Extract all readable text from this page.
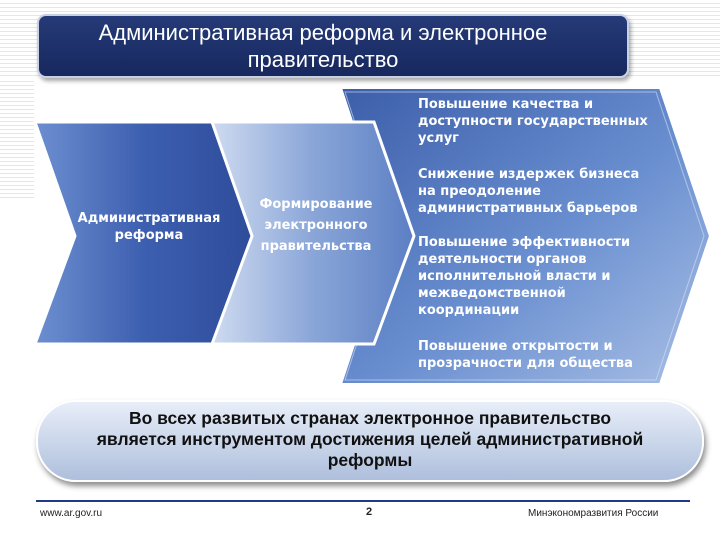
Административная реформа и электронное
правительство
Административная
реформа
Формирование
электронного
правительства
Повышение качества и
доступности государственных
услуг
Снижение издержек бизнеса
на преодоление
административных барьеров
Повышение эффективности
деятельности органов
исполнительной власти и
межведомственной
координации
Повышение открытости и
прозрачности для общества
Во всех развитых странах электронное правительство
является инструментом достижения целей административной
реформы
www.ar.gov.ru	2	Минэкономразвития России
